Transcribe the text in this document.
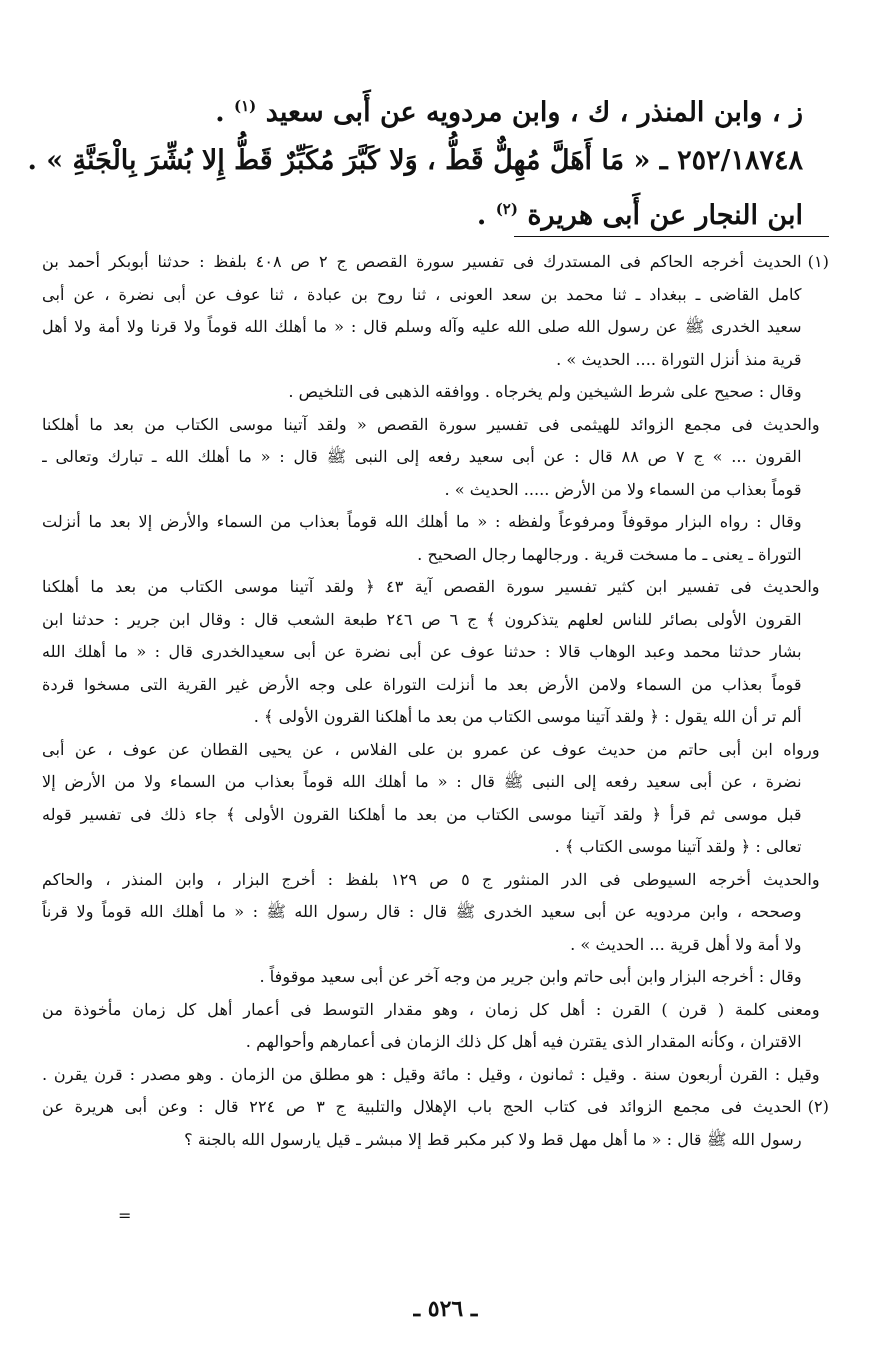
ز ، وابن المنذر ، ك ، وابن مردويه عن أَبى سعيد $^{(١)}$ .
٢٥٢/١٨٧٤٨ ـ « مَا أَهَلَّ مُهِلٌّ قَطُّ ، وَلا كَبَّرَ مُكَبِّرٌ قَطُّ إِلا بُشِّرَ بِالْجَنَّةِ » .
ابن النجار عن أَبى هريرة $^{(٢)}$ .
(١)
الحديث أخرجه الحاكم فى المستدرك فى تفسير سورة القصص ج ٢ ص ٤٠٨ بلفظ : حدثنا أبوبكر أحمد بن
كامل القاضى ـ ببغداد ـ ثنا محمد بن سعد العونى ، ثنا روح بن عبادة ، ثنا عوف عن أبى نضرة ، عن أبى
سعيد الخدرى ﷺ عن رسول الله صلى الله عليه وآله وسلم قال : « ما أهلك الله قوماً ولا قرنا ولا أمة ولا أهل
قرية منذ أنزل التوراة .... الحديث » .
وقال : صحيح على شرط الشيخين ولم يخرجاه . ووافقه الذهبى فى التلخيص .
والحديث فى مجمع الزوائد للهيثمى فى تفسير سورة القصص « ولقد آتينا موسى الكتاب من بعد ما أهلكنا
القرون ... » ج ٧ ص ٨٨ قال : عن أبى سعيد رفعه إلى النبى ﷺ قال : « ما أهلك الله ـ تبارك وتعالى ـ
قوماً بعذاب من السماء ولا من الأرض ..... الحديث » .
وقال : رواه البزار موقوفاً ومرفوعاً ولفظه : « ما أهلك الله قوماً بعذاب من السماء والأرض إلا بعد ما أنزلت
التوراة ـ يعنى ـ ما مسخت قرية . ورجالهما رجال الصحيح .
والحديث فى تفسير ابن كثير تفسير سورة القصص آية ٤٣ ﴿ ولقد آتينا موسى الكتاب من بعد ما أهلكنا
القرون الأولى بصائر للناس لعلهم يتذكرون ﴾ ج ٦ ص ٢٤٦ طبعة الشعب قال : وقال ابن جرير : حدثنا ابن
بشار حدثنا محمد وعبد الوهاب قالا : حدثنا عوف عن أبى نضرة عن أبى سعيدالخدرى قال : « ما أهلك الله
قوماً بعذاب من السماء ولامن الأرض بعد ما أنزلت التوراة على وجه الأرض غير القرية التى مسخوا قردة
ألم تر أن الله يقول : ﴿ ولقد آتينا موسى الكتاب من بعد ما أهلكنا القرون الأولى ﴾ .
ورواه ابن أبى حاتم من حديث عوف عن عمرو بن على الفلاس ، عن يحيى القطان عن عوف ، عن أبى
نضرة ، عن أبى سعيد رفعه إلى النبى ﷺ قال : « ما أهلك الله قوماً بعذاب من السماء ولا من الأرض إلا
قبل موسى ثم قرأ ﴿ ولقد آتينا موسى الكتاب من بعد ما أهلكنا القرون الأولى ﴾ جاء ذلك فى تفسير قوله
تعالى : ﴿ ولقد آتينا موسى الكتاب ﴾ .
والحديث أخرجه السيوطى فى الدر المنثور ج ٥ ص ١٢٩ بلفظ : أخرج البزار ، وابن المنذر ، والحاكم
وصححه ، وابن مردويه عن أبى سعيد الخدرى ﷺ قال : قال رسول الله ﷺ : « ما أهلك الله قوماً ولا قرناً
ولا أمة ولا أهل قرية ... الحديث » .
وقال : أخرجه البزار وابن أبى حاتم وابن جرير من وجه آخر عن أبى سعيد موقوفاً .
ومعنى كلمة ( قرن ) القرن : أهل كل زمان ، وهو مقدار التوسط فى أعمار أهل كل زمان مأخوذة من
الاقتران ، وكأنه المقدار الذى يقترن فيه أهل كل ذلك الزمان فى أعمارهم وأحوالهم .
وقيل : القرن أربعون سنة . وقيل : ثمانون ، وقيل : مائة وقيل : هو مطلق من الزمان . وهو مصدر : قرن يقرن .
(٢)
الحديث فى مجمع الزوائد فى كتاب الحج باب الإهلال والتلبية ج ٣ ص ٢٢٤ قال : وعن أبى هريرة عن
رسول الله ﷺ قال : « ما أهل مهل قط ولا كبر مكبر قط إلا مبشر ـ قيل يارسول الله بالجنة ؟
=
ـ ٥٢٦ ـ
